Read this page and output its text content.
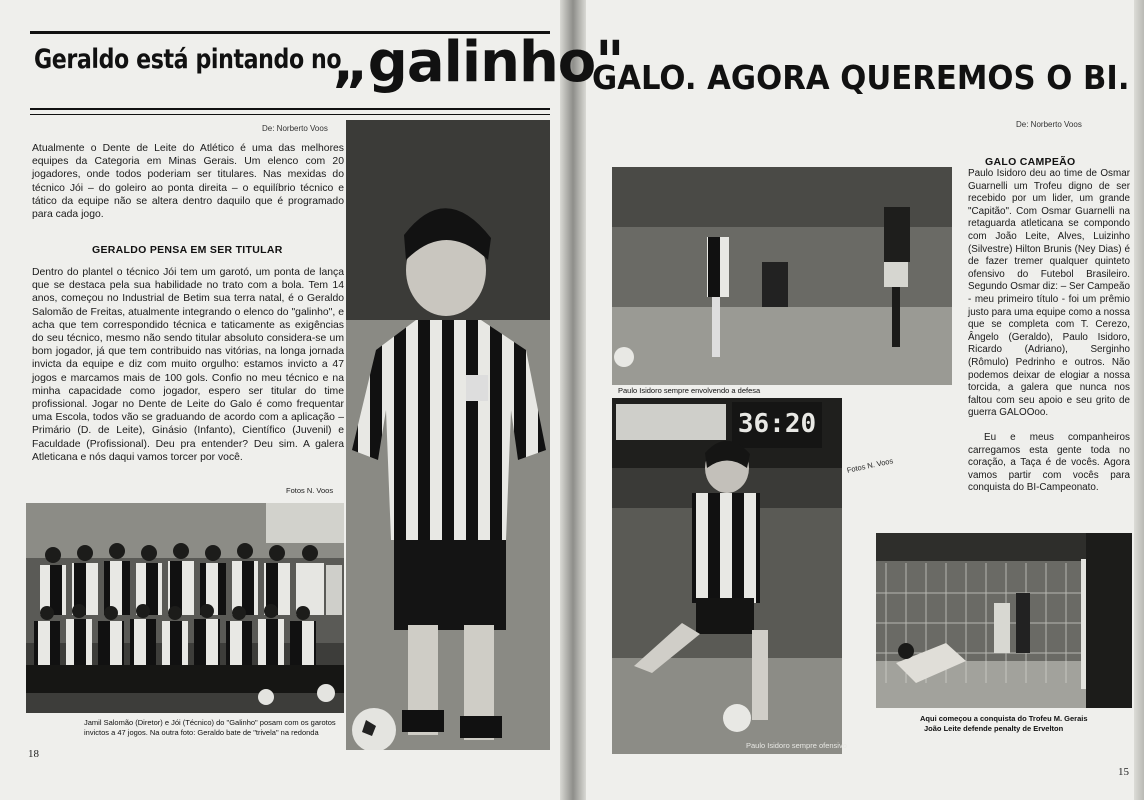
Geraldo está pintando no
„galinho"
De: Norberto Voos
Atualmente o Dente de Leite do Atlético é uma das melhores equipes da Categoria em Minas Gerais. Um elenco com 20 jogadores, onde todos poderiam ser titulares. Nas mexidas do técnico Jói – do goleiro ao ponta direita – o equilíbrio técnico e tático da equipe não se altera dentro daquilo que é programado para cada jogo.
GERALDO PENSA EM SER TITULAR
Dentro do plantel o técnico Jói tem um garotó, um ponta de lança que se destaca pela sua habilidade no trato com a bola. Tem 14 anos, começou no Industrial de Betim sua terra natal, é o Geraldo Salomão de Freitas, atualmente integrando o elenco do "galinho", e acha que tem correspondido técnica e taticamente as exigências do seu técnico, mesmo não sendo titular absoluto considera-se um bom jogador, já que tem contribuido nas vitórias, na longa jornada invicta da equipe e diz com muito orgulho: estamos invicto a 47 jogos e marcamos mais de 100 gols. Confio no meu técnico e na minha capacidade como jogador, espero ser titular do time profissional. Jogar no Dente de Leite do Galo é como frequentar uma Escola, todos vão se graduando de acordo com a aplicação – Primário (D. de Leite), Ginásio (Infanto), Científico (Juvenil) e Faculdade (Profissional). Deu pra entender? Deu sim. A galera Atleticana e nós daqui vamos torcer por você.
Fotos N. Voos
Jamil Salomão (Diretor) e Jói (Técnico) do "Galinho" posam com os garotos invictos a 47 jogos. Na outra foto: Geraldo bate de "trivela" na redonda
18
GALO. AGORA QUEREMOS O BI.
De: Norberto Voos
Paulo Isidoro sempre envolvendo a defesa
36:20
Paulo Isidoro sempre ofensivo
Fotos N. Voos
GALO CAMPEÃO
Paulo Isidoro deu ao time de Osmar Guarnelli um Trofeu digno de ser recebido por um lider, um grande "Capitão". Com Osmar Guarnelli na retaguarda atleticana se compondo com João Leite, Alves, Luizinho (Silvestre) Hilton Brunis (Ney Dias) é de fazer tremer qualquer quinteto ofensivo do Futebol Brasileiro. Segundo Osmar diz: – Ser Campeão - meu primeiro título - foi um prêmio justo para uma equipe como a nossa que se completa com T. Cerezo, Ângelo (Geraldo), Paulo Isidoro, Ricardo (Adriano), Serginho (Rômulo) Pedrinho e outros. Não podemos deixar de elogiar a nossa torcida, a galera que nunca nos faltou com seu apoio e seu grito de guerra GALOOoo.
Eu e meus companheiros carregamos esta gente toda no coração, a Taça é de vocês. Agora vamos partir com vocês para conquista do BI-Campeonato.
Aqui começou a conquista do Trofeu M. Gerais
João Leite defende penalty de Ervelton
15
